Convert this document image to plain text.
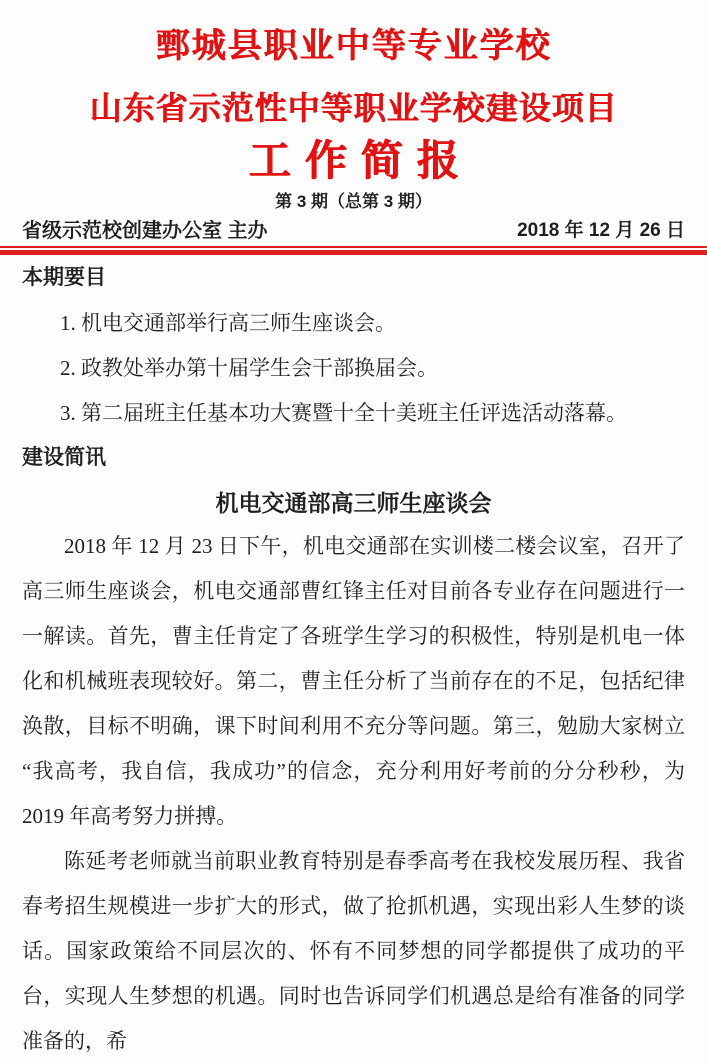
鄄城县职业中等专业学校
山东省示范性中等职业学校建设项目
工作简报
第 3 期（总第 3 期）
省级示范校创建办公室 主办	2018 年 12 月 26 日
本期要目
1. 机电交通部举行高三师生座谈会。
2. 政教处举办第十届学生会干部换届会。
3. 第二届班主任基本功大赛暨十全十美班主任评选活动落幕。
建设简讯
机电交通部高三师生座谈会

2018 年 12 月 23 日下午，机电交通部在实训楼二楼会议室，召开了高三师生座谈会，机电交通部曹红锋主任对目前各专业存在问题进行一一解读。首先，曹主任肯定了各班学生学习的积极性，特别是机电一体化和机械班表现较好。第二，曹主任分析了当前存在的不足，包括纪律涣散，目标不明确，课下时间利用不充分等问题。第三，勉励大家树立“我高考，我自信，我成功”的信念，充分利用好考前的分分秒秒，为 2019 年高考努力拼搏。

陈延考老师就当前职业教育特别是春季高考在我校发展历程、我省春考招生规模进一步扩大的形式，做了抢抓机遇，实现出彩人生梦的谈话。国家政策给不同层次的、怀有不同梦想的同学都提供了成功的平台，实现人生梦想的机遇。同时也告诉同学们机遇总是给有准备的同学准备的，希
